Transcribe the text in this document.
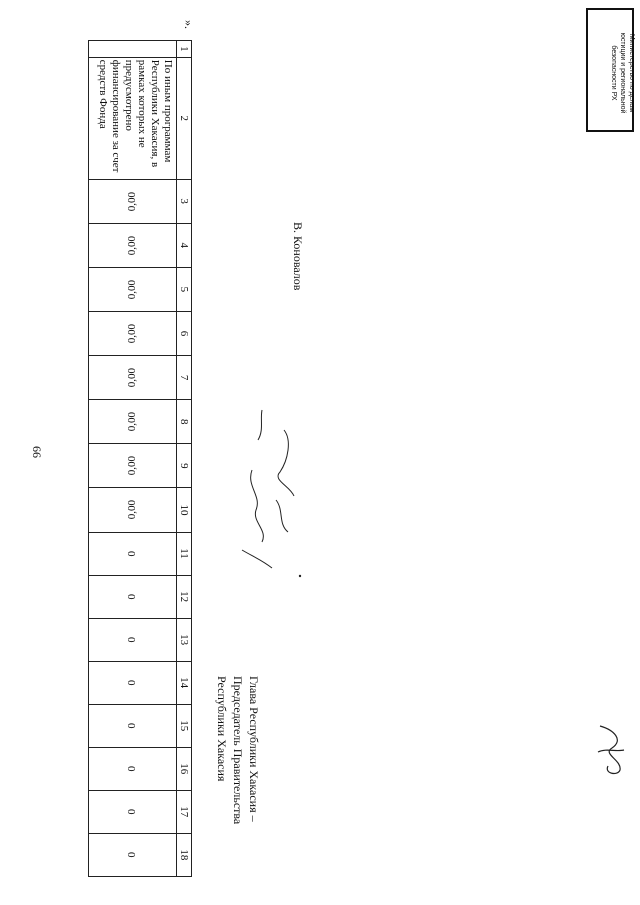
66
».
1	2	3	4	5	6	7	8	9	10	11	12	13	14	15	16	17	18
	По иным программам Республики Хакасия, в рамках которых не предусмотрено финансирование за счет средств Фонда	0,00	0,00	0,00	0,00	0,00	0,00	0,00	0,00	0	0	0	0	0	0	0	0
Глава Республики Хакасия –
Председатель Правительства
Республики Хакасия
В. Коновалов
Министерство по делам
юстиции и региональной
безопасности РХ
